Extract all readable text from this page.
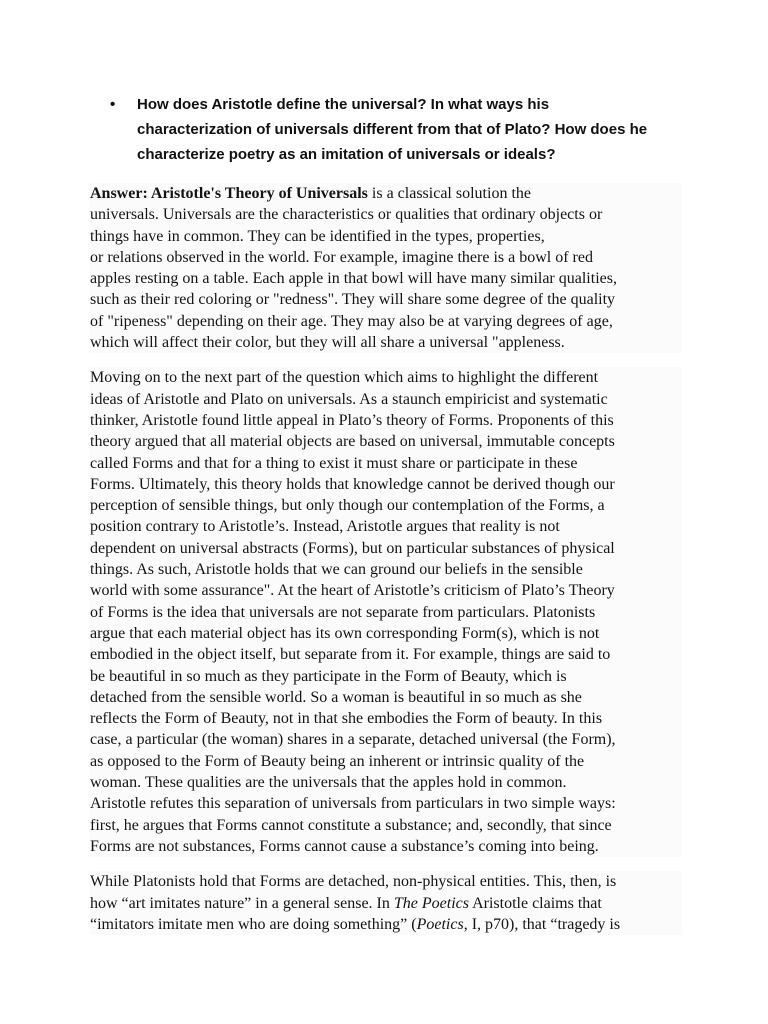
• How does Aristotle define the universal? In what ways his
characterization of universals different from that of Plato? How does he
characterize poetry as an imitation of universals or ideals?

Answer: Aristotle's Theory of Universals is a classical solution the
universals. Universals are the characteristics or qualities that ordinary objects or
things have in common. They can be identified in the types, properties,
or relations observed in the world. For example, imagine there is a bowl of red
apples resting on a table. Each apple in that bowl will have many similar qualities,
such as their red coloring or "redness". They will share some degree of the quality
of "ripeness" depending on their age. They may also be at varying degrees of age,
which will affect their color, but they will all share a universal "appleness.

Moving on to the next part of the question which aims to highlight the different
ideas of Aristotle and Plato on universals. As a staunch empiricist and systematic
thinker, Aristotle found little appeal in Plato’s theory of Forms. Proponents of this
theory argued that all material objects are based on universal, immutable concepts
called Forms and that for a thing to exist it must share or participate in these
Forms. Ultimately, this theory holds that knowledge cannot be derived though our
perception of sensible things, but only though our contemplation of the Forms, a
position contrary to Aristotle’s. Instead, Aristotle argues that reality is not
dependent on universal abstracts (Forms), but on particular substances of physical
things. As such, Aristotle holds that we can ground our beliefs in the sensible
world with some assurance". At the heart of Aristotle’s criticism of Plato’s Theory
of Forms is the idea that universals are not separate from particulars. Platonists
argue that each material object has its own corresponding Form(s), which is not
embodied in the object itself, but separate from it. For example, things are said to
be beautiful in so much as they participate in the Form of Beauty, which is
detached from the sensible world. So a woman is beautiful in so much as she
reflects the Form of Beauty, not in that she embodies the Form of beauty. In this
case, a particular (the woman) shares in a separate, detached universal (the Form),
as opposed to the Form of Beauty being an inherent or intrinsic quality of the
woman. These qualities are the universals that the apples hold in common.
Aristotle refutes this separation of universals from particulars in two simple ways:
first, he argues that Forms cannot constitute a substance; and, secondly, that since
Forms are not substances, Forms cannot cause a substance’s coming into being.

While Platonists hold that Forms are detached, non-physical entities. This, then, is
how “art imitates nature” in a general sense. In The Poetics Aristotle claims that
“imitators imitate men who are doing something” (Poetics, I, p70), that “tragedy is
